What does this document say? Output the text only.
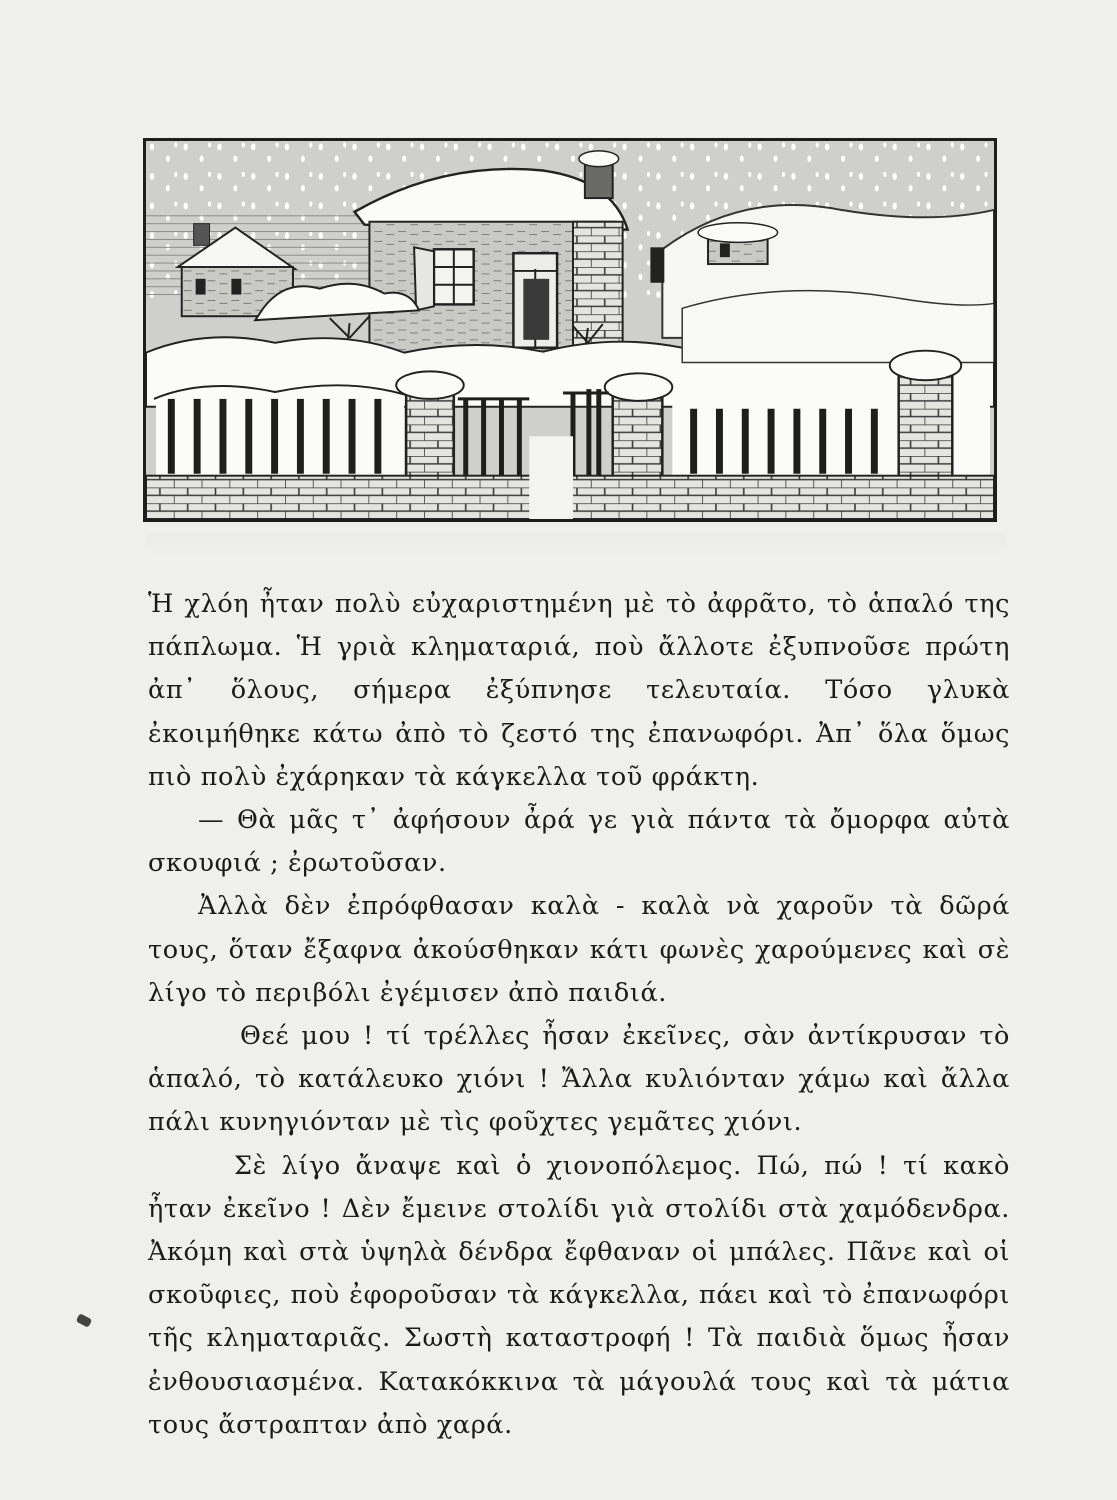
Ἡ χλόη ἦταν πολὺ εὐχαριστημένη μὲ τὸ ἀφρᾶτο, τὸ ἁπαλό της πάπλωμα. Ἡ γριὰ κληματαριά, ποὺ ἄλλοτε ἐξυπνοῦσε πρώτη ἀπ᾿ ὅλους, σήμερα ἐξύπνησε τελευταία. Τόσο γλυκὰ ἐκοιμήθηκε κάτω ἀπὸ τὸ ζεστό της ἐπανωφόρι. Ἀπ᾿ ὅλα ὅμως πιὸ πολὺ ἐχάρηκαν τὰ κάγκελλα τοῦ φράκτη.

— Θὰ μᾶς τ᾿ ἀφήσουν ἆρά γε γιὰ πάντα τὰ ὄμορφα αὐτὰ σκουφιά ; ἐρωτοῦσαν.

Ἀλλὰ δὲν ἐπρόφθασαν καλὰ - καλὰ νὰ χαροῦν τὰ δῶρά τους, ὅταν ἔξαφνα ἀκούσθηκαν κάτι φωνὲς χαρούμενες καὶ σὲ λίγο τὸ περιβόλι ἐγέμισεν ἀπὸ παιδιά.

Θεέ μου ! τί τρέλλες ἦσαν ἐκεῖνες, σὰν ἀντίκρυσαν τὸ ἁπαλό, τὸ κατάλευκο χιόνι ! Ἄλλα κυλιόνταν χάμω καὶ ἄλλα πάλι κυνηγιόνταν μὲ τὶς φοῦχτες γεμᾶτες χιόνι.

Σὲ λίγο ἄναψε καὶ ὁ χιονοπόλεμος. Πώ, πώ ! τί κακὸ ἦταν ἐκεῖνο ! Δὲν ἔμεινε στολίδι γιὰ στολίδι στὰ χαμόδενδρα. Ἀκόμη καὶ στὰ ὑψηλὰ δένδρα ἔφθαναν οἱ μπάλες. Πᾶνε καὶ οἱ σκοῦφιες, ποὺ ἐφοροῦσαν τὰ κάγκελλα, πάει καὶ τὸ ἐπανωφόρι τῆς κληματαριᾶς. Σωστὴ καταστροφή ! Τὰ παιδιὰ ὅμως ἦσαν ἐνθουσιασμένα. Κατακόκκινα τὰ μάγουλά τους καὶ τὰ μάτια τους ἄστραπταν ἀπὸ χαρά.
